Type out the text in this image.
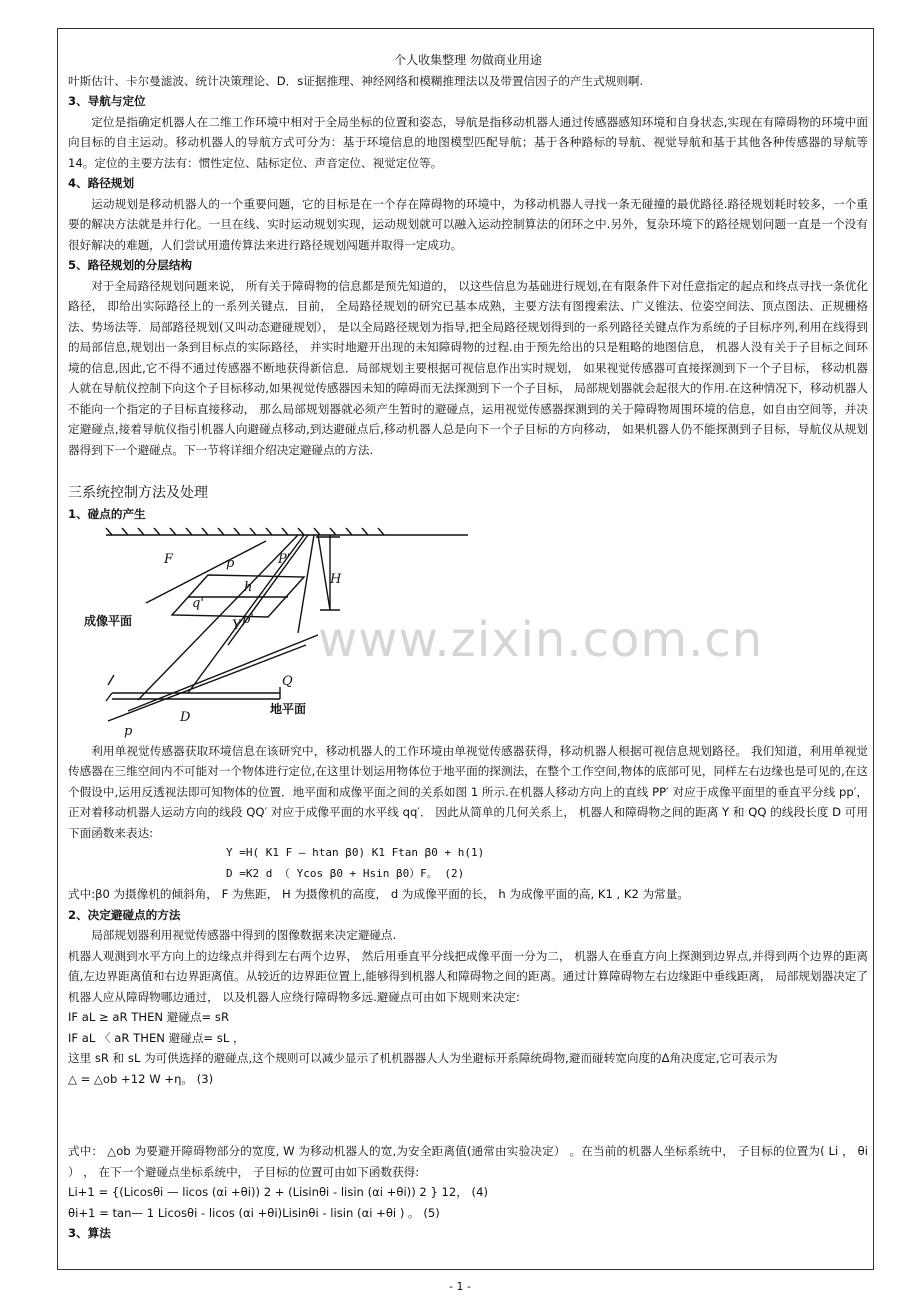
个人收集整理 勿做商业用途

叶斯估计、卡尔曼滤波、统计决策理论、D．s证据推理、神经网络和模糊推理法以及带置信因子的产生式规则啊.

3、导航与定位

定位是指确定机器人在二维工作环境中相对于全局坐标的位置和姿态，导航是指移动机器人通过传感器感知环境和自身状态,实现在有障碍物的环境中面向目标的自主运动。移动机器人的导航方式可分为：基于环境信息的地图模型匹配导航；基于各种路标的导航、视觉导航和基于其他各种传感器的导航等14。定位的主要方法有：惯性定位、陆标定位、声音定位、视觉定位等。

4、路径规划

运动规划是移动机器人的一个重要问题，它的目标是在一个存在障碍物的环境中，为移动机器人寻找一条无碰撞的最优路径.路径规划耗时较多，一个重要的解决方法就是并行化。一旦在线、实时运动规划实现，运动规划就可以融入运动控制算法的闭环之中.另外，复杂环境下的路径规划问题一直是一个没有很好解决的难题，人们尝试用遗传算法来进行路径规划闯题并取得一定成功。

5、路径规划的分层结构

对于全局路径规划问题来说， 所有关于障碍物的信息都是预先知道的， 以这些信息为基础进行规划,在有限条件下对任意指定的起点和终点寻找一条优化路径， 即给出实际路径上的一系列关键点．目前， 全局路径规划的研究已基本成熟，主要方法有图搜索法、广义锥法、位姿空间法、顶点图法、正规栅格法、势场法等．局部路径规划(又叫动态避碰规划）， 是以全局路径规划为指导,把全局路径规划得到的一系列路径关键点作为系统的子目标序列,利用在线得到的局部信息,规划出一条到目标点的实际路径， 并实时地避开出现的未知障碍物的过程.由于预先给出的只是粗略的地图信息， 机器人没有关于子目标之间环境的信息,因此,它不得不通过传感器不断地获得新信息．局部规划主要根据可视信息作出实时规划， 如果视觉传感器可直接探测到下一个子目标， 移动机器人就在导航仪控制下向这个子目标移动,如果视觉传感器因未知的障碍而无法探测到下一个子目标， 局部规划器就会起很大的作用.在这种情况下，移动机器人不能向一个指定的子目标直接移动， 那么局部规划器就必须产生暂时的避碰点，运用视觉传感器探测到的关于障碍物周围环境的信息，如自由空间等，并决定避碰点,接着导航仪指引机器人向避碰点移动,到达避碰点后,移动机器人总是向下一个子目标的方向移动， 如果机器人仍不能探测到子目标，导航仪从规划器得到下一个避碰点。下一节将详细介绍决定避碰点的方法.

三系统控制方法及处理

1、碰点的产生

F	p	P'
H
h
q'
Y p'
Q
p
D
成像平面
地平面

利用单视觉传感器获取环境信息在该研究中，移动机器人的工作环境由单视觉传感器获得，移动机器人根据可视信息规划路径。 我们知道，利用单视觉传感器在三维空间内不可能对一个物体进行定位,在这里计划运用物体位于地平面的探测法，在整个工作空间,物体的底部可见，同样左右边缘也是可见的,在这个假设中,运用反透视法即可知物体的位置．地平面和成像平面之间的关系如图 1 所示.在机器人移动方向上的直线 PP′ 对应于成像平面里的垂直平分线 pp′，正对着移动机器人运动方向的线段 QQ′ 对应于成像平面的水平线 qq′． 因此从简单的几何关系上， 机器人和障碍物之间的距离 Y 和 QQ 的线段长度 D 可用下面函数来表达:

Y =H( K1 F — htan β0) K1 Ftan β0 + h(1)

D =K2 d （ Ycos β0 + Hsin β0）F。 (2)

式中:β0 为摄像机的倾斜角， F 为焦距， H 为摄像机的高度， d 为成像平面的长， h 为成像平面的高, K1 , K2 为常量。

2、决定避碰点的方法

局部规划器利用视觉传感器中得到的图像数据来决定避碰点.

机器人观测到水平方向上的边缘点并得到左右两个边界， 然后用垂直平分线把成像平面一分为二， 机器人在垂直方向上探测到边界点,并得到两个边界的距离值,左边界距离值和右边界距离值。从较近的边界距位置上,能够得到机器人和障碍物之间的距离。通过计算障碍物左右边缘距中垂线距离， 局部规划器决定了机器人应从障碍物哪边通过， 以及机器人应绕行障碍物多远.避碰点可由如下规则来决定:

IF aL ≥ aR THEN 避碰点= sR

IF aL 〈 aR THEN 避碰点= sL ，

这里 sR 和 sL 为可供选择的避碰点,这个规则可以减少显示了机机器器人人为坐避标开系障统碍物,避而碰转宽向度的Δ角决度定,它可表示为

△ = △ob +12 W +η。 (3)

式中： △ob 为要避开障碍物部分的宽度, W 为移动机器人的宽,为安全距离值(通常由实验决定） 。在当前的机器人坐标系统中， 子目标的位置为( Li ， θi ） ， 在下一个避碰点坐标系统中， 子目标的位置可由如下函数获得:

Li+1 = {(Licosθi — licos (αi +θi)) 2 + (Lisinθi - lisin (αi +θi)) 2 } 12， (4)

θi+1 = tan— 1 Licosθi - licos (αi +θi)Lisinθi - lisin (αi +θi ) 。 (5)

3、算法

www.zixin.com.cn
- 1 -
